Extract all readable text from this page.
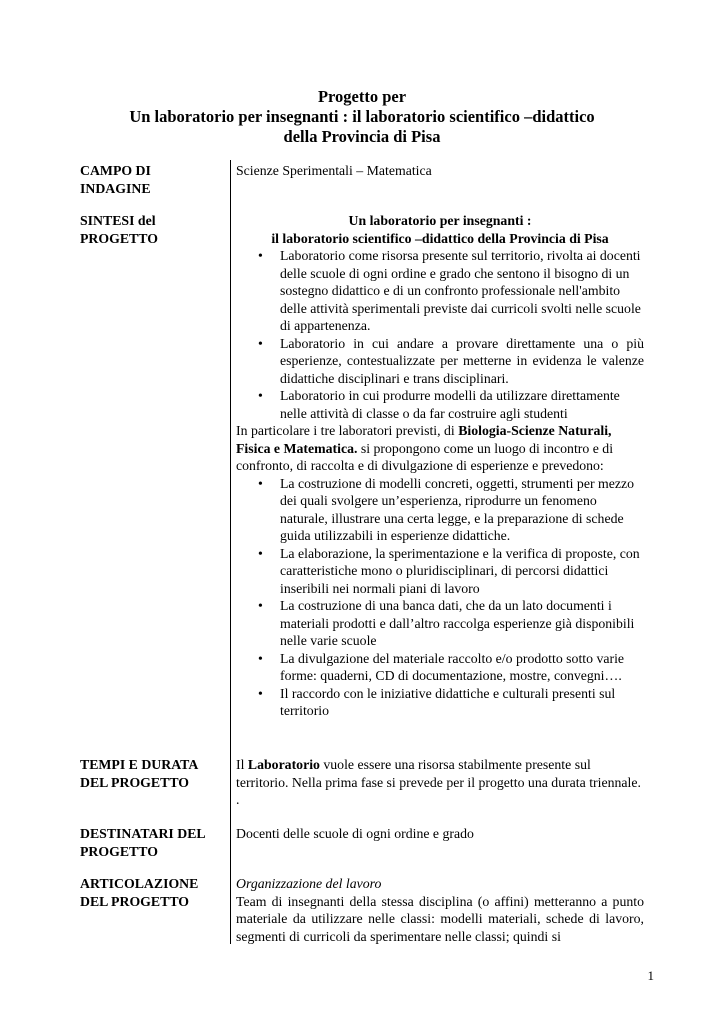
Progetto per
Un laboratorio per insegnanti : il laboratorio scientifico –didattico
della Provincia di Pisa
CAMPO DI
INDAGINE
Scienze Sperimentali – Matematica
SINTESI del
PROGETTO
Un laboratorio per insegnanti :
il laboratorio scientifico –didattico della Provincia di Pisa
• Laboratorio come risorsa presente sul territorio, rivolta ai docenti delle scuole di ogni ordine e grado che sentono il bisogno di un sostegno didattico e di un confronto professionale nell'ambito delle attività sperimentali previste dai curricoli svolti nelle scuole di appartenenza.
• Laboratorio in cui andare a provare direttamente una o più esperienze, contestualizzate per metterne in evidenza le valenze didattiche disciplinari e trans disciplinari.
• Laboratorio in cui produrre modelli da utilizzare direttamente nelle attività di classe o da far costruire agli studenti

In particolare i tre laboratori previsti, di Biologia-Scienze Naturali, Fisica e Matematica. si propongono come un luogo di incontro e di confronto, di raccolta e di divulgazione di esperienze e prevedono:

• La costruzione di modelli concreti, oggetti, strumenti per mezzo dei quali svolgere un’esperienza, riprodurre un fenomeno naturale, illustrare una certa legge, e la preparazione di schede guida utilizzabili in esperienze didattiche.
• La elaborazione, la sperimentazione e la verifica di proposte, con caratteristiche mono o pluridisciplinari, di percorsi didattici inseribili nei normali piani di lavoro
• La costruzione di una banca dati, che da un lato documenti i materiali prodotti e dall’altro raccolga esperienze già disponibili nelle varie scuole
• La divulgazione del materiale raccolto e/o prodotto sotto varie forme: quaderni, CD di documentazione, mostre, convegni….
• Il raccordo con le iniziative didattiche e culturali presenti sul territorio
TEMPI E DURATA
DEL PROGETTO

Il Laboratorio vuole essere una risorsa stabilmente presente sul territorio. Nella prima fase si prevede per il progetto una durata triennale.

.
DESTINATARI DEL
PROGETTO
Docenti delle scuole di ogni ordine e grado
ARTICOLAZIONE
DEL PROGETTO
Organizzazione del lavoro

Team di insegnanti della stessa disciplina (o affini) metteranno a punto materiale da utilizzare nelle classi: modelli materiali, schede di lavoro, segmenti di curricoli da sperimentare nelle classi; quindi si

1
